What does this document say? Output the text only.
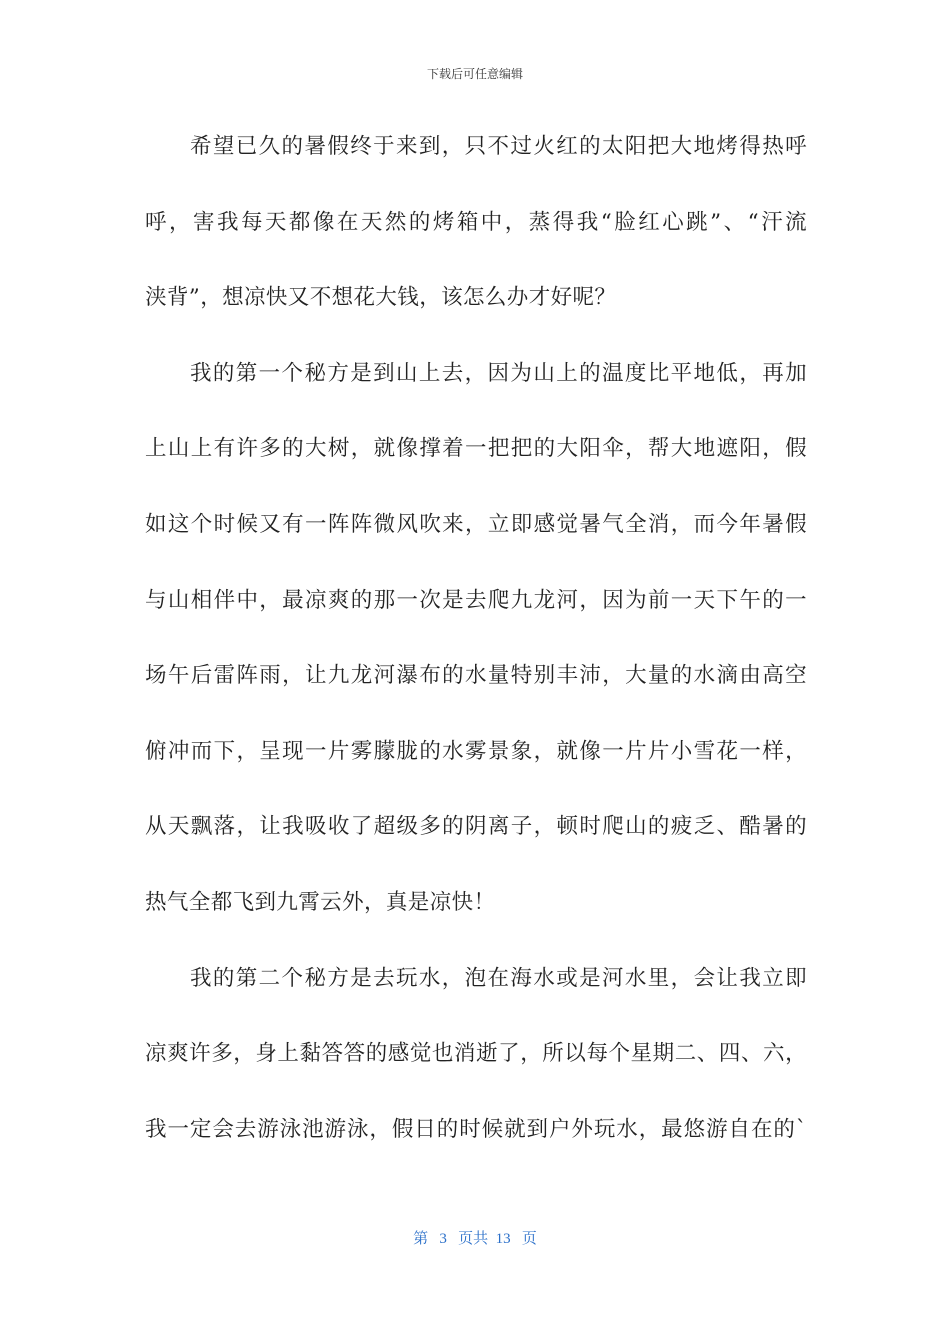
下载后可任意编辑
希望已久的暑假终于来到，只不过火红的太阳把大地烤得热呼
呼，害我每天都像在天然的烤箱中，蒸得我“脸红心跳”、“汗流
浃背”，想凉快又不想花大钱，该怎么办才好呢？
我的第一个秘方是到山上去，因为山上的温度比平地低，再加
上山上有许多的大树，就像撑着一把把的大阳伞，帮大地遮阳，假
如这个时候又有一阵阵微风吹来，立即感觉暑气全消，而今年暑假
与山相伴中，最凉爽的那一次是去爬九龙河，因为前一天下午的一
场午后雷阵雨，让九龙河瀑布的水量特别丰沛，大量的水滴由高空
俯冲而下，呈现一片雾朦胧的水雾景象，就像一片片小雪花一样，
从天飘落，让我吸收了超级多的阴离子，顿时爬山的疲乏、酷暑的
热气全都飞到九霄云外，真是凉快！
我的第二个秘方是去玩水，泡在海水或是河水里，会让我立即
凉爽许多，身上黏答答的感觉也消逝了，所以每个星期二、四、六，
我一定会去游泳池游泳，假日的时候就到户外玩水，最悠游自在的`
第 3 页共 13 页
